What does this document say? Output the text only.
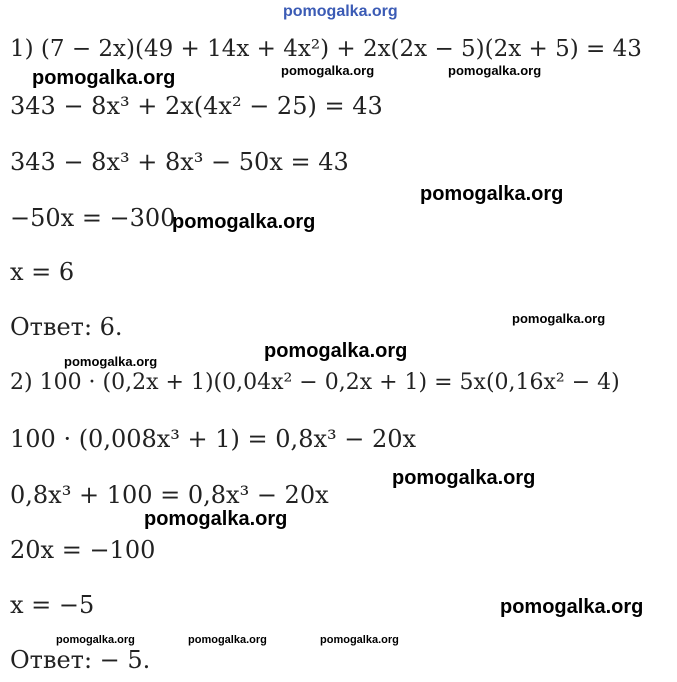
pomogalka.org
1) (7 − 2x)(49 + 14x + 4x²) + 2x(2x − 5)(2x + 5) = 43
343 − 8x³ + 2x(4x² − 25) = 43
343 − 8x³ + 8x³ − 50x = 43
−50x = −300
x = 6
Ответ: 6.
2) 100 · (0,2x + 1)(0,04x² − 0,2x + 1) = 5x(0,16x² − 4)
100 · (0,008x³ + 1) = 0,8x³ − 20x
0,8x³ + 100 = 0,8x³ − 20x
20x = −100
x = −5
Ответ: − 5.
pomogalka.org	pomogalka.org	pomogalka.org
pomogalka.org
pomogalka.org
pomogalka.org
pomogalka.org
pomogalka.org
pomogalka.org
pomogalka.org
pomogalka.org
pomogalka.org	pomogalka.org	pomogalka.org
